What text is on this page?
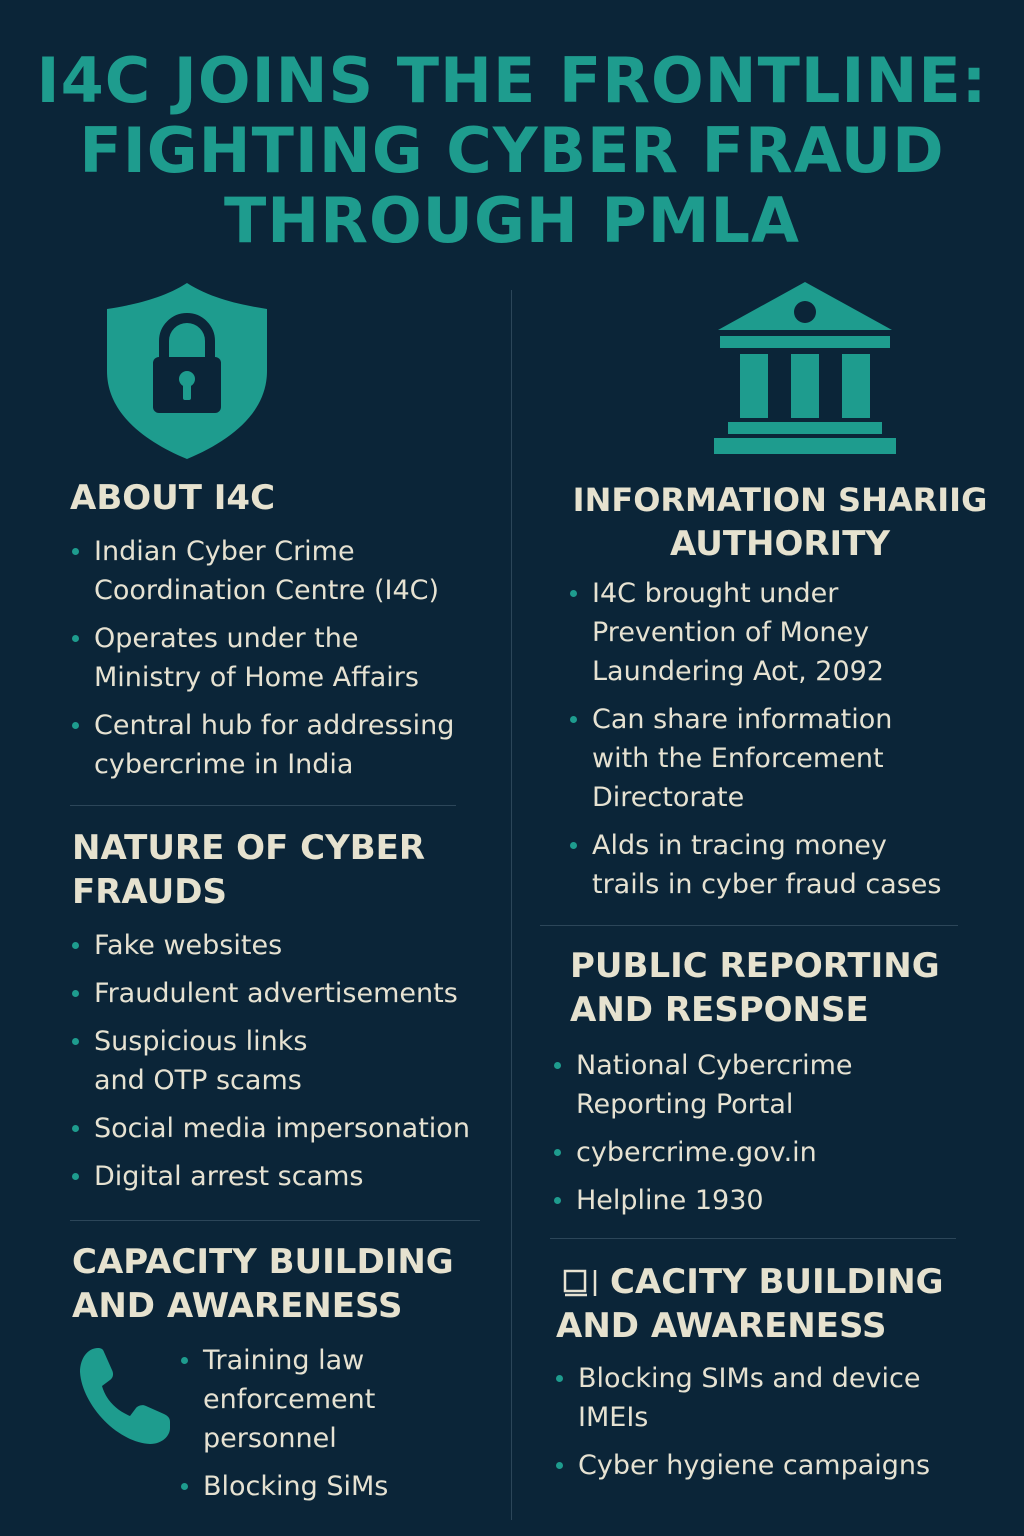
I4C JOINS THE FRONTLINE:
FIGHTING CYBER FRAUD
THROUGH PMLA
ABOUT I4C
Indian Cyber Crime
Coordination Centre (I4C)
Operates under the
Ministry of Home Affairs
Central hub for addressing
cybercrime in India
NATURE OF CYBER
FRAUDS
Fake websites
Fraudulent advertisements
Suspicious links
and OTP scams
Social media impersonation
Digital arrest scams
CAPACITY BUILDING
AND AWARENESS
Training law
enforcement
personnel
Blocking SiMs
INFORMATION SHARIIG
AUTHORITY
I4C brought under
Prevention of Money
Laundering Aot, 2092
Can share information
with the Enforcement
Directorate
Alds in tracing money
trails in cyber fraud cases
PUBLIC REPORTING
AND RESPONSE
National Cybercrime
Reporting Portal
cybercrime.gov.in
Helpline 1930
CACITY BUILDING
AND AWARENESS
Blocking SIMs and device
IMEIs
Cyber hygiene campaigns
